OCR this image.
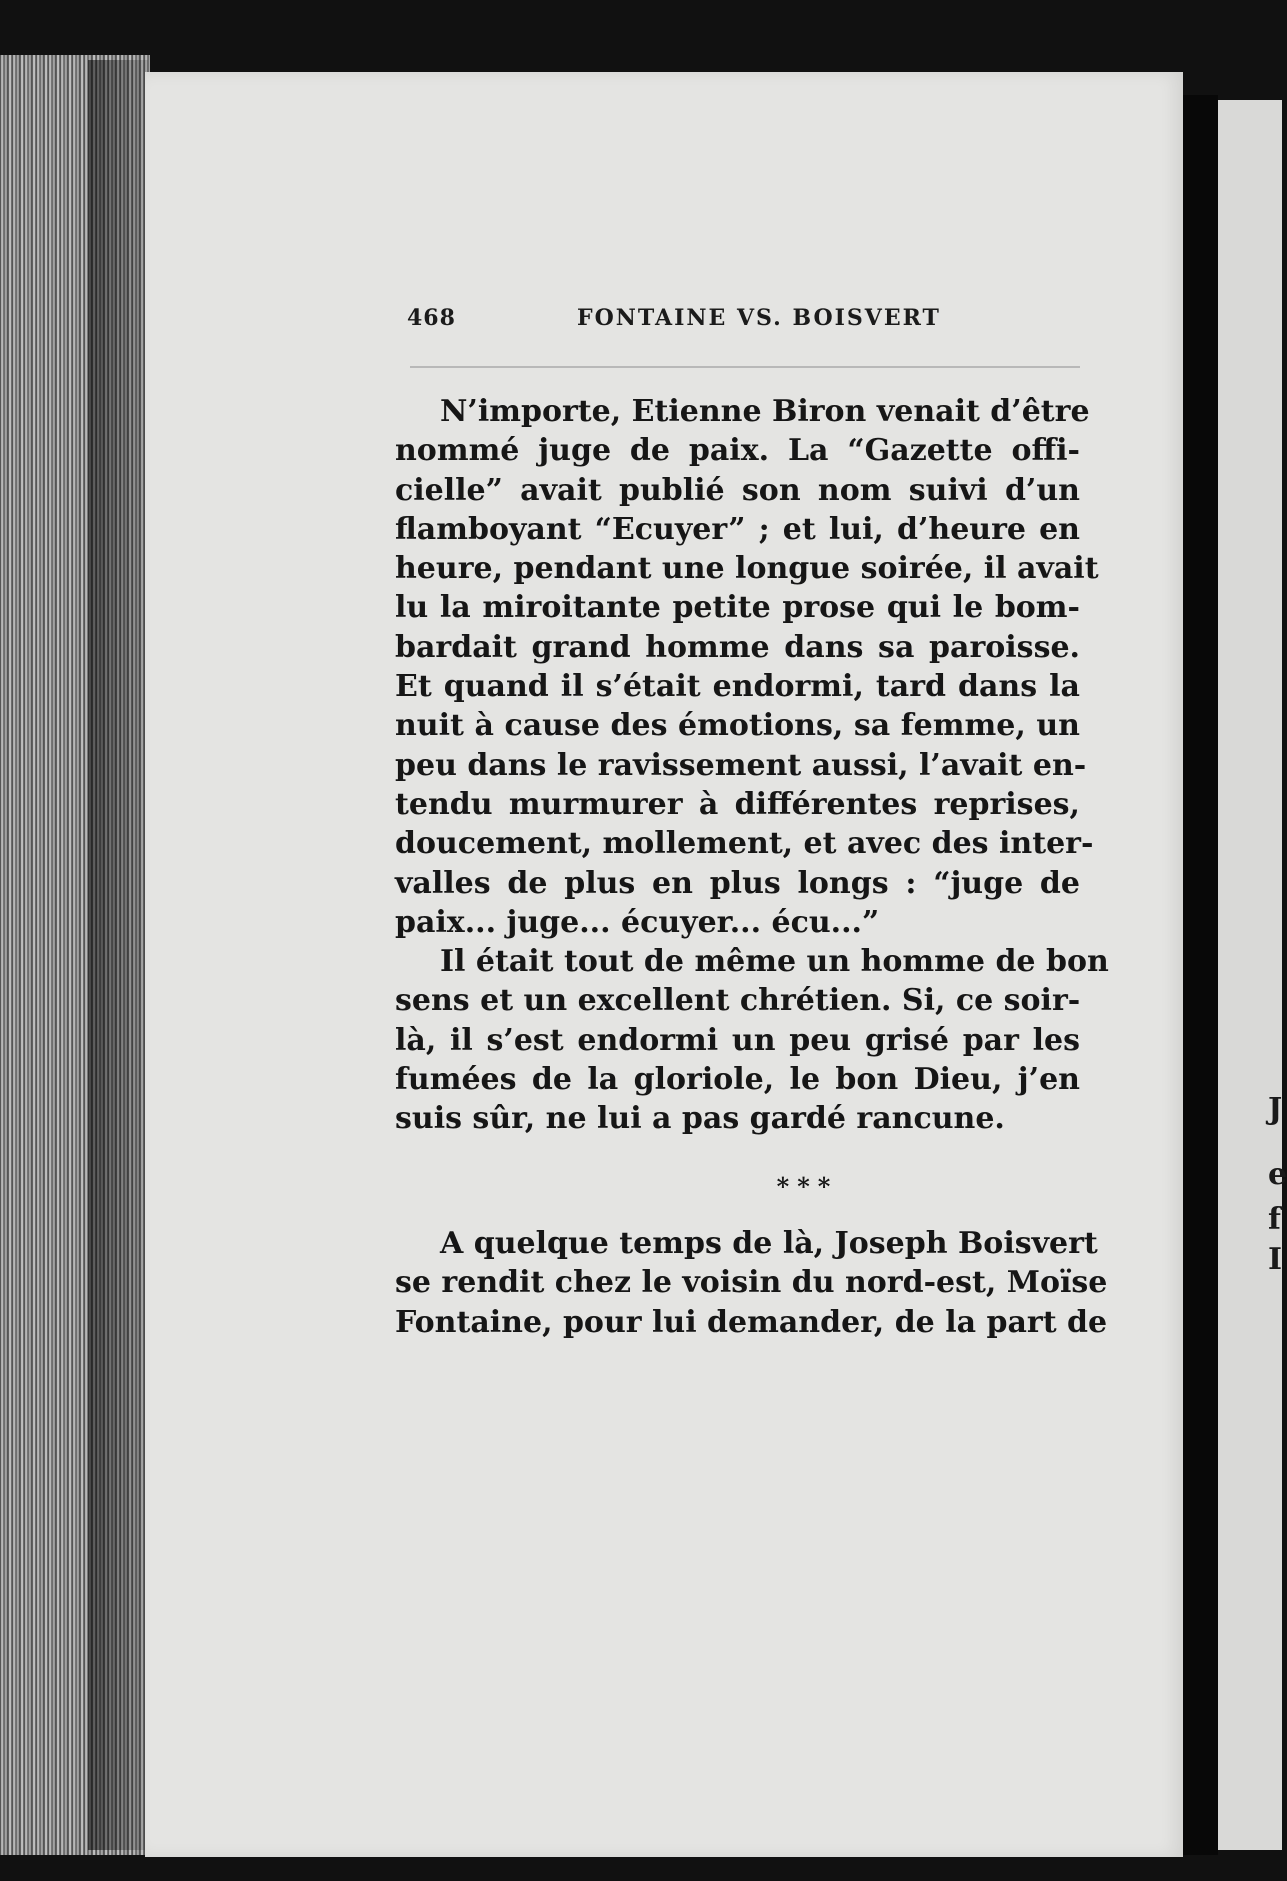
J
e
f
I
468	FONTAINE VS. BOISVERT

N’importe, Etienne Biron venait d’être
nommé juge de paix. La “Gazette offi-
cielle” avait publié son nom suivi d’un
flamboyant “Ecuyer” ; et lui, d’heure en
heure, pendant une longue soirée, il avait
lu la miroitante petite prose qui le bom-
bardait grand homme dans sa paroisse.
Et quand il s’était endormi, tard dans la
nuit à cause des émotions, sa femme, un
peu dans le ravissement aussi, l’avait en-
tendu murmurer à différentes reprises,
doucement, mollement, et avec des inter-
valles de plus en plus longs : “juge de
paix... juge... écuyer... écu...”

Il était tout de même un homme de bon
sens et un excellent chrétien. Si, ce soir-
là, il s’est endormi un peu grisé par les
fumées de la gloriole, le bon Dieu, j’en
suis sûr, ne lui a pas gardé rancune.

***

A quelque temps de là, Joseph Boisvert
se rendit chez le voisin du nord-est, Moïse
Fontaine, pour lui demander, de la part de
